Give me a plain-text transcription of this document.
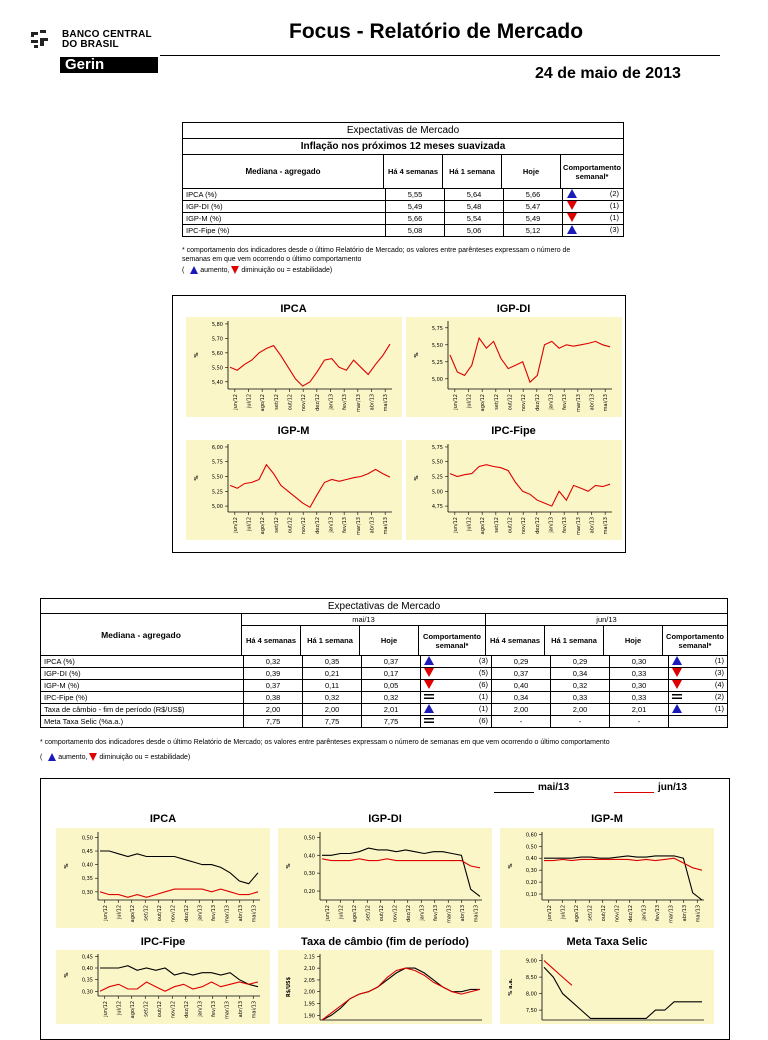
BANCO CENTRAL
DO BRASIL
Gerin
Focus - Relatório de Mercado
24 de maio de 2013
Expectativas de Mercado
Inflação nos próximos 12 meses suavizada
Mediana - agregado	Há 4 semanas	Há 1 semana	Hoje	Comportamento semanal*
IPCA (%)	5,55	5,64	5,66	(2)

IGP-DI (%)	5,49	5,48	5,47	(1)

IGP-M (%)	5,66	5,54	5,49	(1)

IPC-Fipe (%)	5,08	5,06	5,12	(3)
* comportamento dos indicadores desde o último Relatório de Mercado; os valores entre parênteses expressam o número de
semanas em que vem ocorrendo o último comportamento
( aumento, diminuição ou = estabilidade)
IPCA	IGP-DI
IGP-M	IPC-Fipe
5,80
5,70
5,60
5,50
5,40
%
jun/12 jul/12 ago/12 set/12 out/12 nov/12 dez/12 jan/13 fev/13 mar/13 abr/13 mai/13
5,75
5,50
5,25
5,00
%
jun/12 jul/12 ago/12 set/12 out/12 nov/12 dez/12 jan/13 fev/13 mar/13 abr/13 mai/13
6,00
5,75
5,50
5,25
5,00
%
jun/12 jul/12 ago/12 set/12 out/12 nov/12 dez/12 jan/13 fev/13 mar/13 abr/13 mai/13
5,75
5,50
5,25
5,00
4,75
%
jun/12 jul/12 ago/12 set/12 out/12 nov/12 dez/12 jan/13 fev/13 mar/13 abr/13 mai/13
Expectativas de Mercado								
Mediana - agregado	mai/13				jun/13			
	Há 4 semanas	Há 1 semana	Hoje	Comportamento semanal*	Há 4 semanas	Há 1 semana	Hoje	Comportamento semanal*
IPCA (%)	0,32	0,35	0,37	(3)	0,29	0,29	0,30	(1)

IGP-DI (%)	0,39	0,21	0,17	(5)	0,37	0,34	0,33	(3)

IGP-M (%)	0,37	0,11	0,05	(6)	0,40	0,32	0,30	(4)

IPC-Fipe (%)	0,38	0,32	0,32	(1)	0,34	0,33	0,33	(2)

Taxa de câmbio - fim de período (R$/US$)	2,00	2,00	2,01	(1)	2,00	2,00	2,01	(1)

Meta Taxa Selic (%a.a.)	7,75	7,75	7,75	(6)	-	-	-	
* comportamento dos indicadores desde o último Relatório de Mercado; os valores entre parênteses expressam o número de semanas em que vem ocorrendo o último comportamento
( aumento, diminuição ou = estabilidade)
mai/13	jun/13
IPCA	IGP-DI	IGP-M
IPC-Fipe	Taxa de câmbio (fim de período)	Meta Taxa Selic
0,50
0,45
0,40
0,35
0,30
%
jun/12 jul/12 ago/12 set/12 out/12 nov/12 dez/12 jan/13 fev/13 mar/13 abr/13 mai/13
0,50
0,40
0,30
0,20
%
jun/12 jul/12 ago/12 set/12 out/12 nov/12 dez/12 jan/13 fev/13 mar/13 abr/13 mai/13
0,60
0,50
0,40
0,30
0,20
0,10
%
jun/12 jul/12 ago/12 set/12 out/12 nov/12 dez/12 jan/13 fev/13 mar/13 abr/13 mai/13
0,45
0,40
0,35
0,30
%
jun/12 jul/12 ago/12 set/12 out/12 nov/12 dez/12 jan/13 fev/13 mar/13 abr/13 mai/13
2,15
2,10
2,05
2,00
1,95
1,90
R$/US$
9,00
8,50
8,00
7,50
% a.a.
